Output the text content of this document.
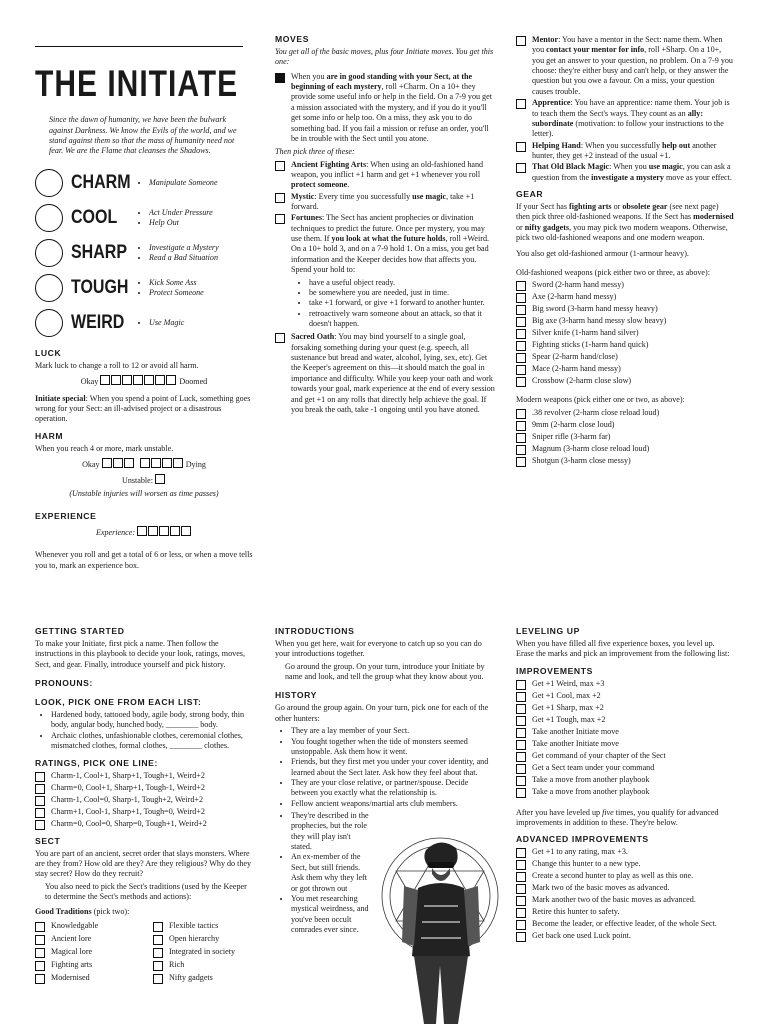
THE INITIATE
Since the dawn of humanity, we have been the bulwark against Darkness. We know the Evils of the world, and we stand against them so that the mass of humanity need not fear. We are the Flame that cleanses the Shadows.
CHARM	• Manipulate Someone
COOL	• Act Under Pressure
• Help Out
SHARP	• Investigate a Mystery
• Read a Bad Situation
TOUGH	• Kick Some Ass
• Protect Someone
WEIRD	• Use Magic
LUCK

Mark luck to change a roll to 12 or avoid all harm.

Okay	Doomed

Initiate special: When you spend a point of Luck, something goes wrong for your Sect: an ill-advised project or a disastrous operation.

HARM

When you reach 4 or more, mark unstable.

Okay	Dying
Unstable:
(Unstable injuries will worsen as time passes)
EXPERIENCE
Experience:

Whenever you roll and get a total of 6 or less, or when a move tells you to, mark an experience box.

MOVES

You get all of the basic moves, plus four Initiate moves. You get this one:

When you are in good standing with your Sect, at the beginning of each mystery, roll +Charm. On a 10+ they provide some useful info or help in the field. On a 7-9 you get a mission associated with the mystery, and if you do it you'll get some info or help too. On a miss, they ask you to do something bad. If you fail a mission or refuse an order, you'll be in trouble with the Sect until you atone.

Then pick three of these:

Ancient Fighting Arts: When using an old-fashioned hand weapon, you inflict +1 harm and get +1 whenever you roll protect someone.
Mystic: Every time you successfully use magic, take +1 forward.
Fortunes: The Sect has ancient prophecies or divination techniques to predict the future. Once per mystery, you may use them. If you look at what the future holds, roll +Weird. On a 10+ hold 3, and on a 7-9 hold 1. On a miss, you get bad information and the Keeper decides how that affects you. Spend your hold to:
• have a useful object ready.
• be somewhere you are needed, just in time.
• take +1 forward, or give +1 forward to another hunter.
• retroactively warn someone about an attack, so that it doesn't happen.
Sacred Oath: You may bind yourself to a single goal, forsaking something during your quest (e.g. speech, all sustenance but bread and water, alcohol, lying, sex, etc). Get the Keeper's agreement on this—it should match the goal in importance and difficulty. While you keep your oath and work towards your goal, mark experience at the end of every session and get +1 on any rolls that directly help achieve the goal. If you break the oath, take -1 ongoing until you have atoned.
Mentor: You have a mentor in the Sect: name them. When you contact your mentor for info, roll +Sharp. On a 10+, you get an answer to your question, no problem. On a 7-9 you choose: they're either busy and can't help, or they answer the question but you owe a favour. On a miss, your question causes trouble.
Apprentice: You have an apprentice: name them. Your job is to teach them the Sect's ways. They count as an ally: subordinate (motivation: to follow your instructions to the letter).
Helping Hand: When you successfully help out another hunter, they get +2 instead of the usual +1.
That Old Black Magic: When you use magic, you can ask a question from the investigate a mystery move as your effect.
GEAR

If your Sect has fighting arts or obsolete gear (see next page) then pick three old-fashioned weapons. If the Sect has modernised or nifty gadgets, you may pick two modern weapons. Otherwise, pick two old-fashioned weapons and one modern weapon.

You also get old-fashioned armour (1-armour heavy).

Old-fashioned weapons (pick either two or three, as above):

Sword (2-harm hand messy)
Axe (2-harm hand messy)
Big sword (3-harm hand messy heavy)
Big axe (3-harm hand messy slow heavy)
Silver knife (1-harm hand silver)
Fighting sticks (1-harm hand quick)
Spear (2-harm hand/close)
Mace (2-harm hand messy)
Crossbow (2-harm close slow)

Modern weapons (pick either one or two, as above):

.38 revolver (2-harm close reload loud)
9mm (2-harm close loud)
Sniper rifle (3-harm far)
Magnum (3-harm close reload loud)
Shotgun (3-harm close messy)
GETTING STARTED

To make your Initiate, first pick a name. Then follow the instructions in this playbook to decide your look, ratings, moves, Sect, and gear. Finally, introduce yourself and pick history.

PRONOUNS:
LOOK, PICK ONE FROM EACH LIST:
• Hardened body, tattooed body, agile body, strong body, thin body, angular body, hunched body, ________ body.
• Archaic clothes, unfashionable clothes, ceremonial clothes, mismatched clothes, formal clothes, ________ clothes.
RATINGS, PICK ONE LINE:
Charm-1, Cool+1, Sharp+1, Tough+1, Weird+2
Charm=0, Cool+1, Sharp+1, Tough-1, Weird+2
Charm-1, Cool=0, Sharp-1, Tough+2, Weird+2
Charm+1, Cool-1, Sharp+1, Tough=0, Weird+2
Charm=0, Cool=0, Sharp=0, Tough+1, Weird+2
SECT

You are part of an ancient, secret order that slays monsters. Where are they from? How old are they? Are they religious? Why do they stay secret? How do they recruit?

You also need to pick the Sect's traditions (used by the Keeper to determine the Sect's methods and actions):

Good Traditions (pick two):

Knowledgable	Flexible tactics
Ancient lore	Open hierarchy
Magical lore	Integrated in society
Fighting arts	Rich
Modernised	Nifty gadgets
INTRODUCTIONS

When you get here, wait for everyone to catch up so you can do your introductions together.

Go around the group. On your turn, introduce your Initiate by name and look, and tell the group what they know about you.

HISTORY

Go around the group again. On your turn, pick one for each of the other hunters:

• They are a lay member of your Sect.
• You fought together when the tide of monsters seemed unstoppable. Ask them how it went.
• Friends, but they first met you under your cover identity, and learned about the Sect later. Ask how they feel about that.
• They are your close relative, or partner/spouse. Decide between you exactly what the relationship is.
• Fellow ancient weapons/martial arts club members.
• They're described in the prophecies, but the role they will play isn't stated.
• An ex-member of the Sect, but still friends. Ask them why they left or got thrown out
• You met researching mystical weirdness, and you've been occult comrades ever since.
LEVELING UP

When you have filled all five experience boxes, you level up. Erase the marks and pick an improvement from the following list:

IMPROVEMENTS
Get +1 Weird, max +3
Get +1 Cool, max +2
Get +1 Sharp, max +2
Get +1 Tough, max +2
Take another Initiate move
Take another Initiate move
Get command of your chapter of the Sect
Get a Sect team under your command
Take a move from another playbook
Take a move from another playbook

After you have leveled up five times, you qualify for advanced improvements in addition to these. They're below.

ADVANCED IMPROVEMENTS
Get +1 to any rating, max +3.
Change this hunter to a new type.
Create a second hunter to play as well as this one.
Mark two of the basic moves as advanced.
Mark another two of the basic moves as advanced.
Retire this hunter to safety.
Become the leader, or effective leader, of the whole Sect.
Get back one used Luck point.
